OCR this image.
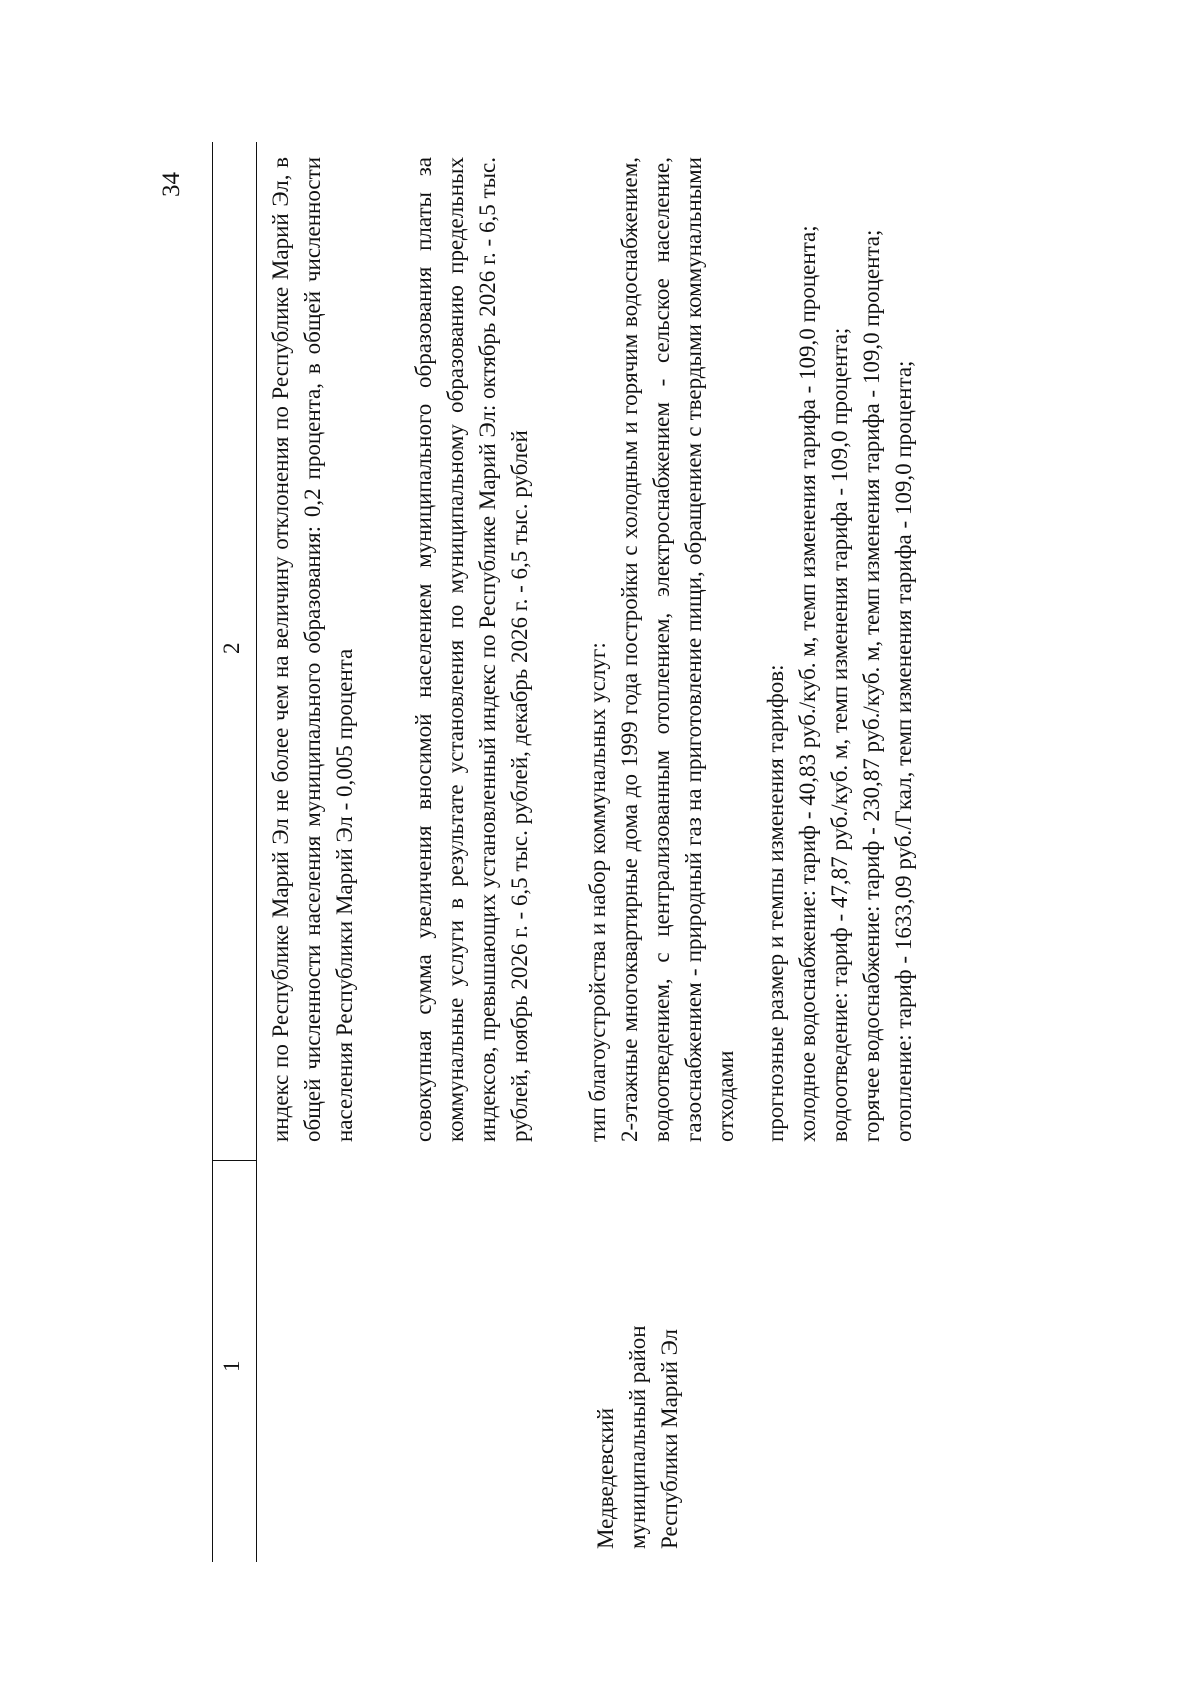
34
1
2
Медведевский муниципальный район Республики Марий Эл

индекс по Республике Марий Эл не более чем на величину отклонения по Республике Марий Эл, в общей численности населения муниципального образования: 0,2 процента, в общей численности населения Республики Марий Эл - 0,005 процента совокупная сумма увеличения вносимой населением муниципального образования платы за коммунальные услуги в результате установления по муниципальному образованию предельных индексов, превышающих установленный индекс по Республике Марий Эл: октябрь 2026 г. - 6,5 тыс. рублей, ноябрь 2026 г. - 6,5 тыс. рублей, декабрь 2026 г. - 6,5 тыс. рублей тип благоустройства и набор коммунальных услуг: 2-этажные многоквартирные дома до 1999 года постройки с холодным и горячим водоснабжением, водоотведением, с централизованным отоплением, электроснабжением - сельское население, газоснабжением - природный газ на приготовление пищи, обращением с твердыми коммунальными отходами прогнозные размер и темпы изменения тарифов: холодное водоснабжение: тариф - 40,83 руб./куб. м, темп изменения тарифа - 109,0 процента; водоотведение: тариф - 47,87 руб./куб. м, темп изменения тарифа - 109,0 процента; горячее водоснабжение: тариф - 230,87 руб./куб. м, темп изменения тарифа - 109,0 процента; отопление: тариф - 1633,09 руб./Гкал, темп изменения тарифа - 109,0 процента;
